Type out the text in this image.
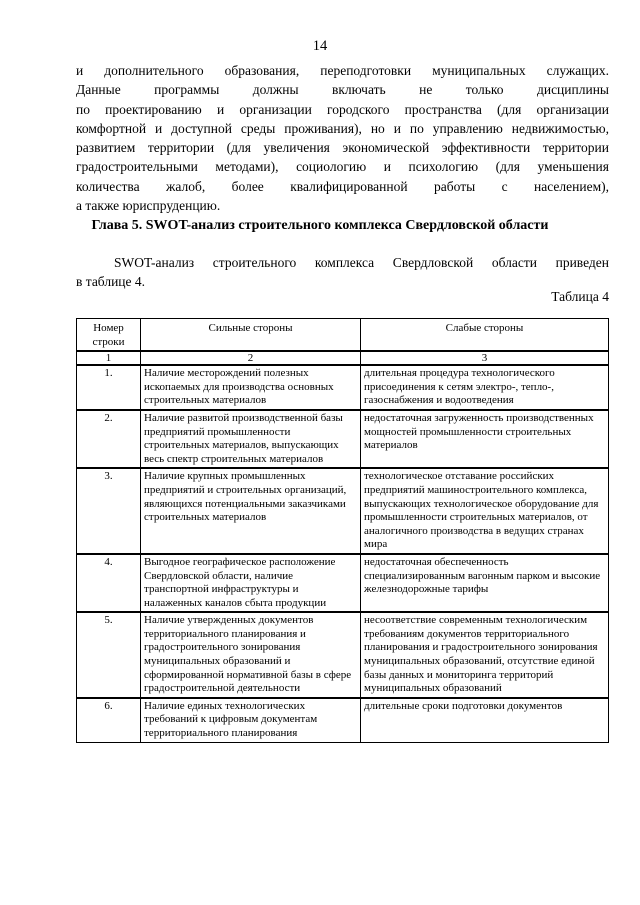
14
и дополнительного образования, переподготовки муниципальных служащих.
Данные программы должны включать не только дисциплины
по проектированию и организации городского пространства (для организации
комфортной и доступной среды проживания), но и по управлению недвижимостью,
развитием территории (для увеличения экономической эффективности территории
градостроительными методами), социологию и психологию (для уменьшения
количества жалоб, более квалифицированной работы с населением),
а также юриспруденцию.
Глава 5. SWOT-анализ строительного комплекса Свердловской области
SWOT-анализ строительного комплекса Свердловской области приведен
в таблице 4.
Таблица 4
Номер строки	Сильные стороны	Слабые стороны
1	2	3
1.	Наличие месторождений полезных ископаемых для производства основных строительных материалов	длительная процедура технологического присоединения к сетям электро-, тепло-, газоснабжения и водоотведения
2.	Наличие развитой производственной базы предприятий промышленности строительных материалов, выпускающих весь спектр строительных материалов	недостаточная загруженность производственных мощностей промышленности строительных материалов
3.	Наличие крупных промышленных предприятий и строительных организаций, являющихся потенциальными заказчиками строительных материалов	технологическое отставание российских предприятий машиностроительного комплекса, выпускающих технологическое оборудование для промышленности строительных материалов, от аналогичного производства в ведущих странах мира
4.	Выгодное географическое расположение Свердловской области, наличие транспортной инфраструктуры и налаженных каналов сбыта продукции	недостаточная обеспеченность специализированным вагонным парком и высокие железнодорожные тарифы
5.	Наличие утвержденных документов территориального планирования и градостроительного зонирования муниципальных образований и сформированной нормативной базы в сфере градостроительной деятельности	несоответствие современным технологическим требованиям документов территориального планирования и градостроительного зонирования муниципальных образований, отсутствие единой базы данных и мониторинга территорий муниципальных образований
6.	Наличие единых технологических требований к цифровым документам территориального планирования	длительные сроки подготовки документов
